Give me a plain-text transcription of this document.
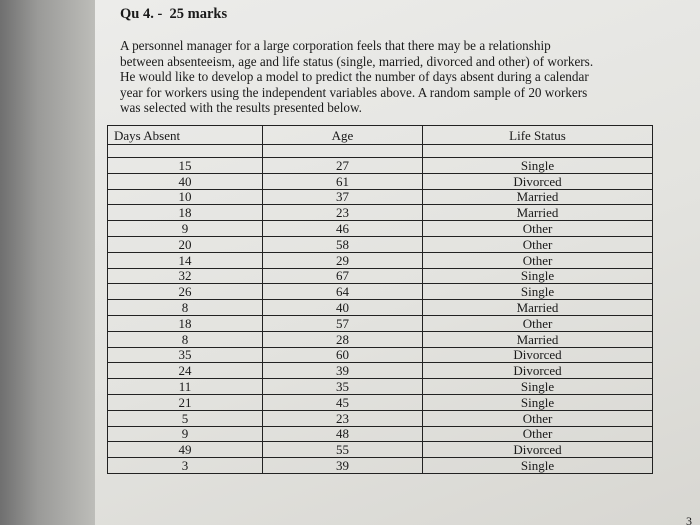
Qu 4. -  25 marks
A personnel manager for a large corporation feels that there may be a relationship
between absenteeism, age and life status (single, married, divorced and other) of workers.
He would like to develop a model to predict the number of days absent during a calendar
year for workers using the independent variables above. A random sample of 20 workers
was selected with the results presented below.
Days Absent	Age	Life Status

15	27	Single
40	61	Divorced
10	37	Married
18	23	Married
9	46	Other
20	58	Other
14	29	Other
32	67	Single
26	64	Single
8	40	Married
18	57	Other
8	28	Married
35	60	Divorced
24	39	Divorced
11	35	Single
21	45	Single
5	23	Other
9	48	Other
49	55	Divorced
3	39	Single
3
